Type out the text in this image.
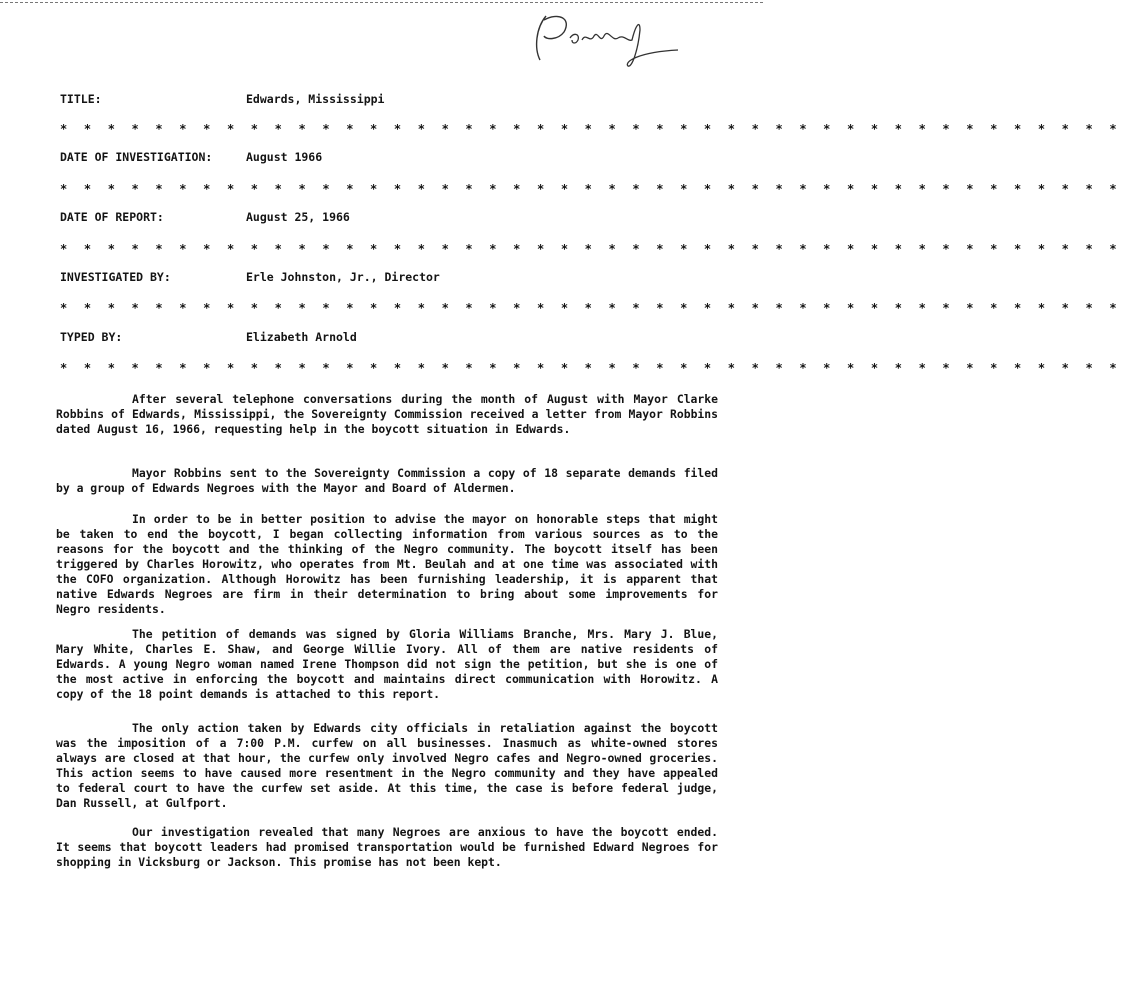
TITLE:	Edwards, Mississippi
* * * * * * * * * * * * * * * * * * * * * * * * * * * * * * * * * * * * * * * * * * * * *
DATE OF INVESTIGATION:	August 1966
* * * * * * * * * * * * * * * * * * * * * * * * * * * * * * * * * * * * * * * * * * * * *
DATE OF REPORT:	August 25, 1966
* * * * * * * * * * * * * * * * * * * * * * * * * * * * * * * * * * * * * * * * * * * * *
INVESTIGATED BY:	Erle Johnston, Jr., Director
* * * * * * * * * * * * * * * * * * * * * * * * * * * * * * * * * * * * * * * * * * * * *
TYPED BY:	Elizabeth Arnold
* * * * * * * * * * * * * * * * * * * * * * * * * * * * * * * * * * * * * * * * * * * * *

After several telephone conversations during the month of August with Mayor Clarke Robbins of Edwards, Mississippi, the Sovereignty Commission received a letter from Mayor Robbins dated August 16, 1966, requesting help in the boycott situation in Edwards.

Mayor Robbins sent to the Sovereignty Commission a copy of 18 separate demands filed by a group of Edwards Negroes with the Mayor and Board of Aldermen.

In order to be in better position to advise the mayor on honorable steps that might be taken to end the boycott, I began collecting information from various sources as to the reasons for the boycott and the thinking of the Negro community. The boycott itself has been triggered by Charles Horowitz, who operates from Mt. Beulah and at one time was associated with the COFO organization. Although Horowitz has been furnishing leadership, it is apparent that native Edwards Negroes are firm in their determination to bring about some improvements for Negro residents.

The petition of demands was signed by Gloria Williams Branche, Mrs. Mary J. Blue, Mary White, Charles E. Shaw, and George Willie Ivory. All of them are native residents of Edwards. A young Negro woman named Irene Thompson did not sign the petition, but she is one of the most active in enforcing the boycott and maintains direct communication with Horowitz. A copy of the 18 point demands is attached to this report.

The only action taken by Edwards city officials in retaliation against the boycott was the imposition of a 7:00 P.M. curfew on all businesses. Inasmuch as white-owned stores always are closed at that hour, the curfew only involved Negro cafes and Negro-owned groceries. This action seems to have caused more resentment in the Negro community and they have appealed to federal court to have the curfew set aside. At this time, the case is before federal judge, Dan Russell, at Gulfport.

Our investigation revealed that many Negroes are anxious to have the boycott ended. It seems that boycott leaders had promised transportation would be furnished Edward Negroes for shopping in Vicksburg or Jackson. This promise has not been kept.
